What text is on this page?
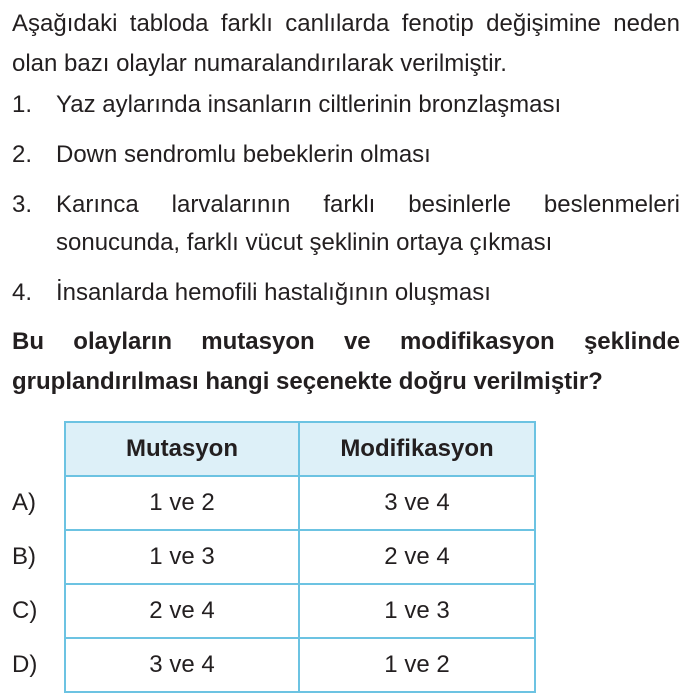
Aşağıdaki tabloda farklı canlılarda fenotip değişimine neden olan bazı olaylar numaralandırılarak verilmiştir.

1. Yaz aylarında insanların ciltlerinin bronzlaşması
2. Down sendromlu bebeklerin olması
3. Karınca larvalarının farklı besinlerle beslenmeleri sonucunda, farklı vücut şeklinin ortaya çıkması
4. İnsanlarda hemofili hastalığının oluşması

Bu olayların mutasyon ve modifikasyon şeklinde gruplandırılması hangi seçenekte doğru verilmiştir?

	Mutasyon	Modifikasyon
A)	1 ve 2	3 ve 4
B)	1 ve 3	2 ve 4
C)	2 ve 4	1 ve 3
D)	3 ve 4	1 ve 2
